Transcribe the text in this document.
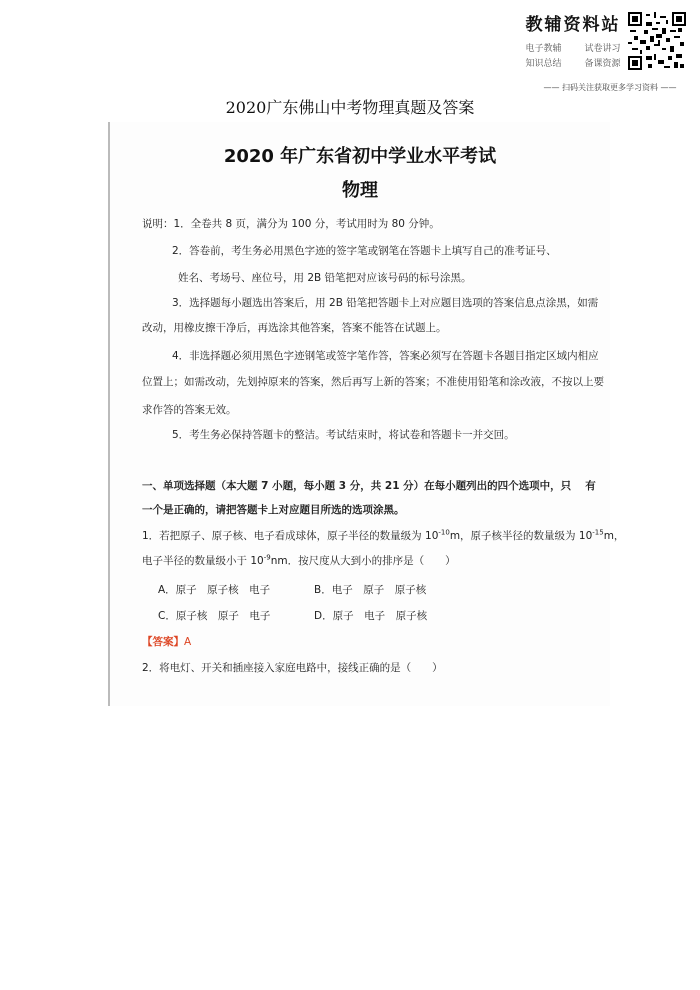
教辅资料站
电子教辅	试卷讲习
知识总结	备课资源
—— 扫码关注获取更多学习资料 ——
2020广东佛山中考物理真题及答案
2020 年广东省初中学业水平考试
物理
说明：1．全卷共 8 页，满分为 100 分，考试用时为 80 分钟。
2．答卷前，考生务必用黑色字迹的签字笔或钢笔在答题卡上填写自己的准考证号、
姓名、考场号、座位号，用 2B 铅笔把对应该号码的标号涂黑。
3．选择题每小题选出答案后，用 2B 铅笔把答题卡上对应题目选项的答案信息点涂黑，如需
改动，用橡皮擦干净后，再选涂其他答案，答案不能答在试题上。
4．非选择题必须用黑色字迹钢笔或签字笔作答，答案必须写在答题卡各题目指定区域内相应
位置上；如需改动，先划掉原来的答案，然后再写上新的答案；不准使用铅笔和涂改液，不按以上要
求作答的答案无效。
5．考生务必保持答题卡的整洁。考试结束时，将试卷和答题卡一并交回。
一、单项选择题（本大题 7 小题，每小题 3 分，共 21 分）在每小题列出的四个选项中，只　 有
一个是正确的，请把答题卡上对应题目所选的选项涂黑。
1．若把原子、原子核、电子看成球体，原子半径的数量级为 $10^{-10}m$，原子核半径的数量级为 $10^{-15}m$，
电子半径的数量级小于 $10^{-9}nm$．按尺度从大到小的排序是（　　）
A．原子　原子核　电子	B．电子　原子　原子核
C．原子核　原子　电子	D．原子　电子　原子核
【答案】A
2．将电灯、开关和插座接入家庭电路中，接线正确的是（　　）
